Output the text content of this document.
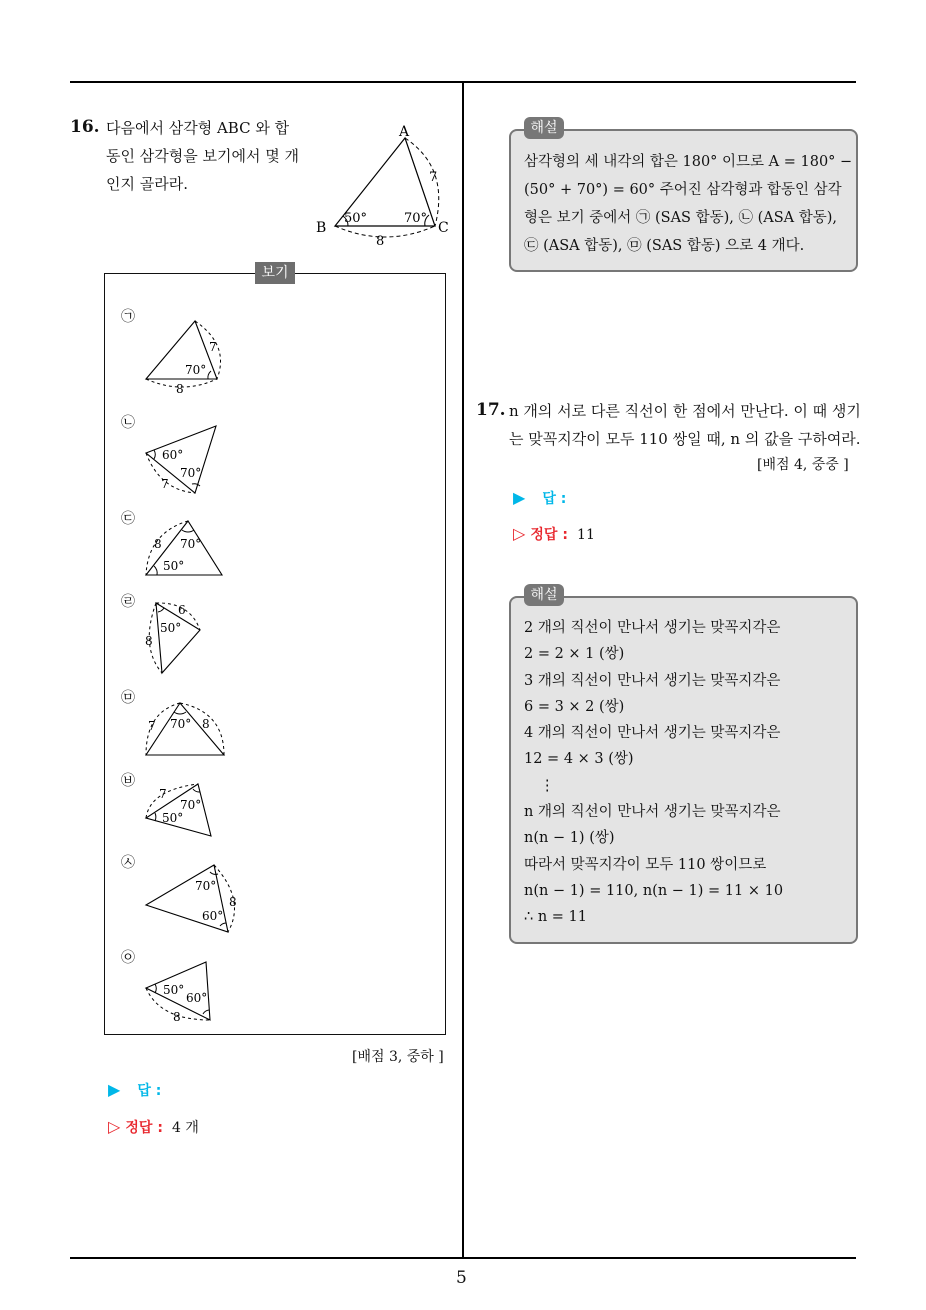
16. 다음에서 삼각형 ABC 와 합
동인 삼각형을 보기에서 몇 개
인지 골라라.
A
B	C
50°	70°
7
8
보기
㉠
㉡
㉢
㉣
㉤
㉥
㉦
㉧
70°
7
8
60°
70°
7
8 70°
50°
6
50°
8
7 70° 8
7
70°
50°
70°
8
60°
50°
60°
8
[배점 3, 중하 ]
▶ 답 :
▷ 정답 : 4 개

삼각형의 세 내각의 합은 180° 이므로 A = 180° −

(50° + 70°) = 60° 주어진 삼각형과 합동인 삼각

형은 보기 중에서 ㉠ (SAS 합동), ㉡ (ASA 합동),

㉢ (ASA 합동), ㉤ (SAS 합동) 으로 4 개다.

해설
17. n 개의 서로 다른 직선이 한 점에서 만난다. 이 때 생기
는 맞꼭지각이 모두 110 쌍일 때, n 의 값을 구하여라.
[배점 4, 중중 ]
▶ 답 :
▷ 정답 : 11

2 개의 직선이 만나서 생기는 맞꼭지각은

2 = 2 × 1 (쌍)

3 개의 직선이 만나서 생기는 맞꼭지각은

6 = 3 × 2 (쌍)

4 개의 직선이 만나서 생기는 맞꼭지각은

12 = 4 × 3 (쌍)

⋮

n 개의 직선이 만나서 생기는 맞꼭지각은

n(n − 1) (쌍)

따라서 맞꼭지각이 모두 110 쌍이므로

n(n − 1) = 110, n(n − 1) = 11 × 10

∴ n = 11

해설
5
